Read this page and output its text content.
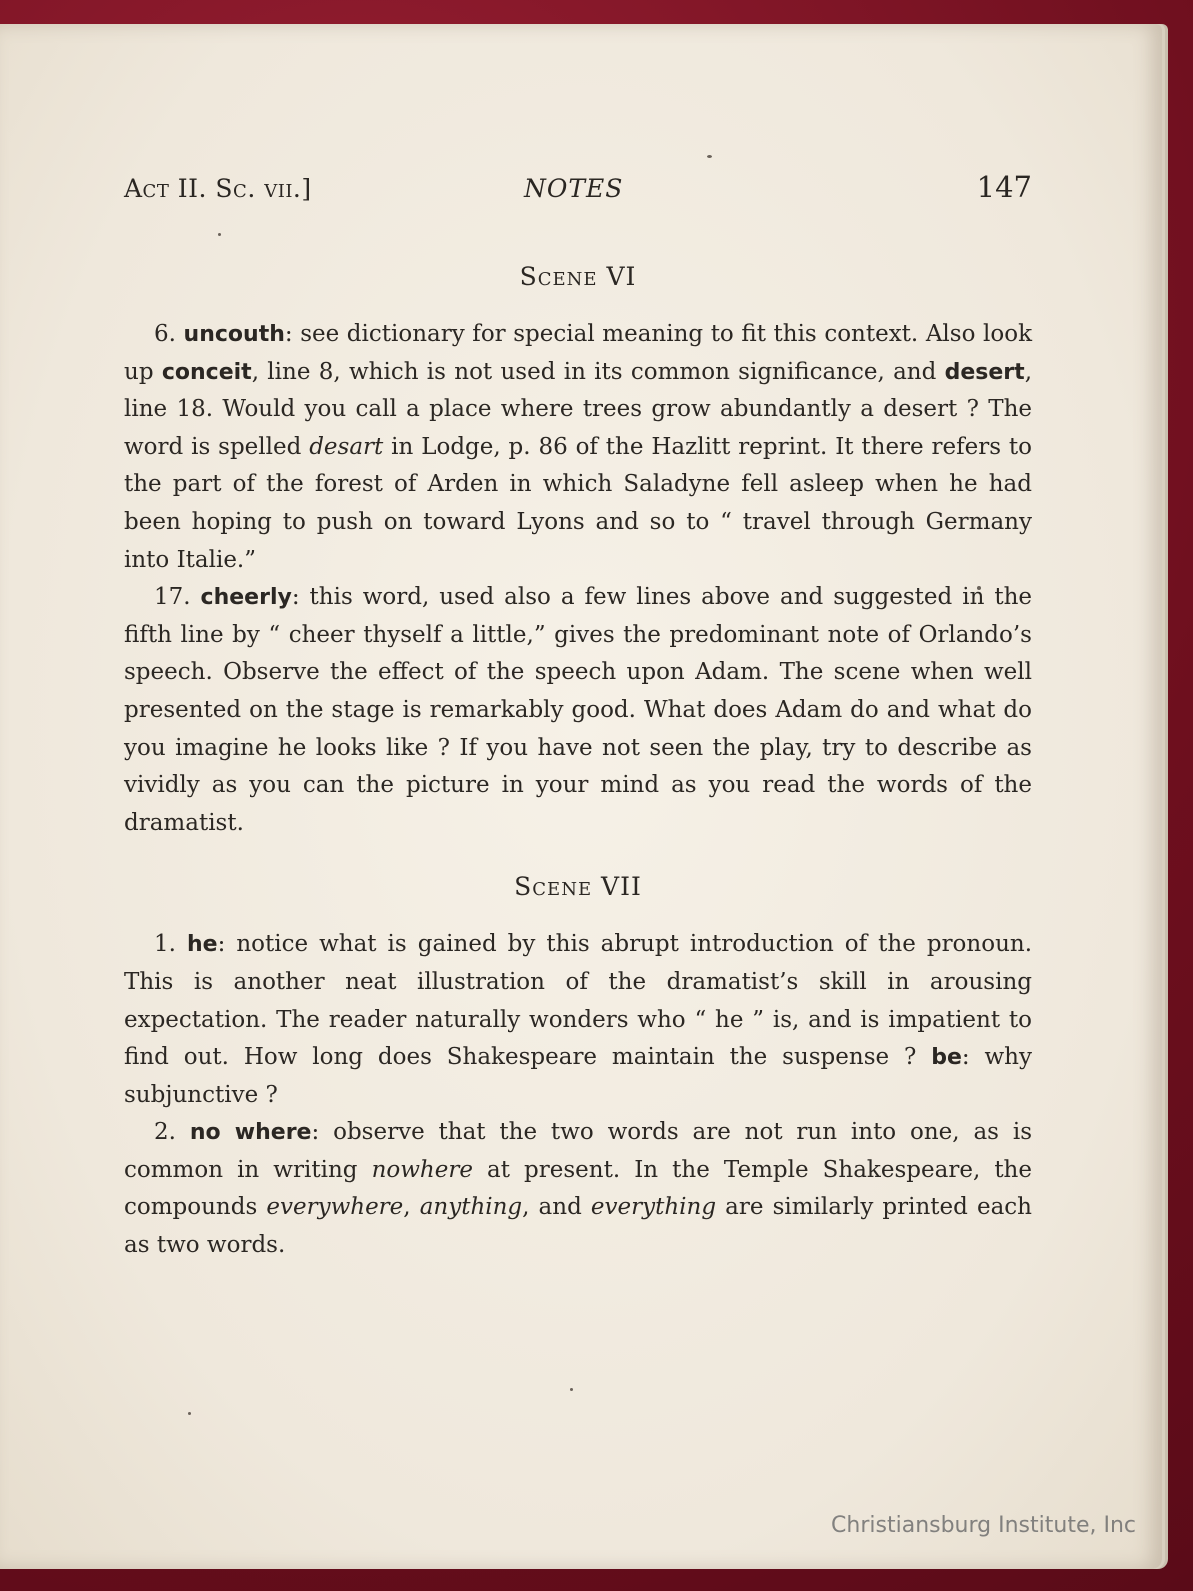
Act II. Sc. vii.]	NOTES	147
Scene VI

6. uncouth: see dictionary for special meaning to fit this context. Also look up conceit, line 8, which is not used in its common significance, and desert, line 18. Would you call a place where trees grow abundantly a desert ? The word is spelled desart in Lodge, p. 86 of the Hazlitt reprint. It there refers to the part of the forest of Arden in which Saladyne fell asleep when he had been hoping to push on toward Lyons and so to “ travel through Germany into Italie.”

17. cheerly: this word, used also a few lines above and suggested in the fifth line by “ cheer thyself a little,” gives the predominant note of Orlando’s speech. Observe the effect of the speech upon Adam. The scene when well presented on the stage is remarkably good. What does Adam do and what do you imagine he looks like ? If you have not seen the play, try to describe as vividly as you can the picture in your mind as you read the words of the dramatist.

Scene VII

1. he: notice what is gained by this abrupt introduction of the pronoun. This is another neat illustration of the dramatist’s skill in arousing expectation. The reader naturally wonders who “ he ” is, and is impatient to find out. How long does Shakespeare maintain the suspense ? be: why subjunctive ?

2. no where: observe that the two words are not run into one, as is common in writing nowhere at present. In the Temple Shakespeare, the compounds everywhere, anything, and everything are similarly printed each as two words.

Christiansburg Institute, Inc
